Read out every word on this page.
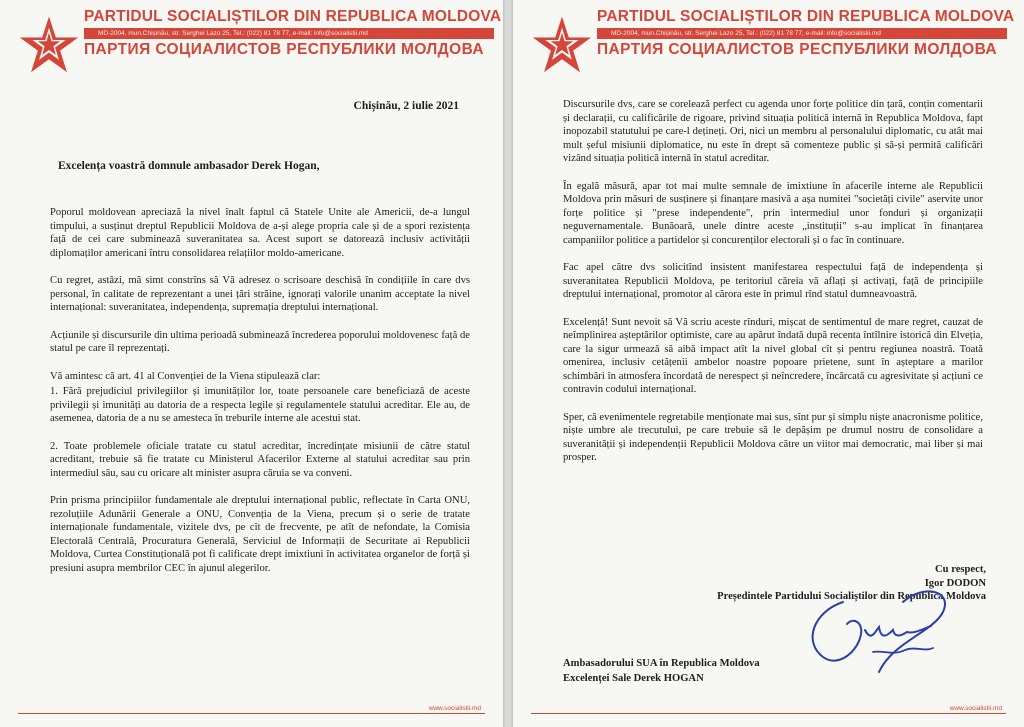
PARTIDUL SOCIALIȘTILOR DIN REPUBLICA MOLDOVA
MD-2004, mun.Chișinău, str. Serghei Lazo 25, Tel.: (022) 81 78 77, e-mail: info@socialistii.md
ПАРТИЯ СОЦИАЛИСТОВ РЕСПУБЛИКИ МОЛДОВА
Chișinău, 2 iulie 2021
Excelența voastră domnule ambasador Derek Hogan,

Poporul moldovean apreciază la nivel înalt faptul că Statele Unite ale Americii, de-a lungul timpului, a susținut dreptul Republicii Moldova de a-și alege propria cale și de a spori rezistența față de cei care subminează suveranitatea sa. Acest suport se datorează inclusiv activității diplomaților americani întru consolidarea relațiilor moldo-americane.

Cu regret, astăzi, mă simt constrîns să Vă adresez o scrisoare deschisă în condițiile în care dvs personal, în calitate de reprezentant a unei țări străine, ignorați valorile unanim acceptate la nivel internațional: suveranitatea, independența, supremația dreptului internațional.

Acțiunile și discursurile din ultima perioadă subminează încrederea poporului moldovenesc față de statul pe care îl reprezentați.

Vă amintesc că art. 41 al Convenției de la Viena stipulează clar:

1. Fără prejudiciul privilegiilor și imunităților lor, toate persoanele care beneficiază de aceste privilegii și imunități au datoria de a respecta legile și regulamentele statului acreditar. Ele au, de asemenea, datoria de a nu se amesteca în treburile interne ale acestui stat.

2. Toate problemele oficiale tratate cu statul acreditar, încredințate misiunii de către statul acreditant, trebuie să fie tratate cu Ministerul Afacerilor Externe al statului acreditar sau prin intermediul său, sau cu oricare alt minister asupra căruia se va conveni.

Prin prisma principiilor fundamentale ale dreptului internațional public, reflectate în Carta ONU, rezoluțiile Adunării Generale a ONU, Convenția de la Viena, precum și o serie de tratate internaționale fundamentale, vizitele dvs, pe cît de frecvente, pe atît de nefondate, la Comisia Electorală Centrală, Procuratura Generală, Serviciul de Informații de Securitate ai Republicii Moldova, Curtea Constituțională pot fi calificate drept imixtiuni în activitatea organelor de forță și presiuni asupra membrilor CEC în ajunul alegerilor.

www.socialistii.md
PARTIDUL SOCIALIȘTILOR DIN REPUBLICA MOLDOVA
MD-2004, mun.Chișinău, str. Serghei Lazo 25, Tel.: (022) 81 78 77, e-mail: info@socialistii.md
ПАРТИЯ СОЦИАЛИСТОВ РЕСПУБЛИКИ МОЛДОВА

Discursurile dvs, care se corelează perfect cu agenda unor forțe politice din țară, conțin comentarii și declarații, cu calificările de rigoare, privind situația politică internă în Republica Moldova, fapt inopozabil statutului pe care-l dețineți. Ori, nici un membru al personalului diplomatic, cu atât mai mult șeful misiunii diplomatice, nu este în drept să comenteze public și să-și permită calificări vizând situația politică internă în statul acreditar.

În egală măsură, apar tot mai multe semnale de imixtiune în afacerile interne ale Republicii Moldova prin măsuri de susținere și finanțare masivă a așa numitei "societăți civile" aservite unor forțe politice și "prese independente", prin intermediul unor fonduri și organizații neguvernamentale. Bunăoară, unele dintre aceste „instituții" s-au implicat în finanțarea campaniilor politice a partidelor și concurenților electorali și o fac în continuare.

Fac apel către dvs solicitînd insistent manifestarea respectului față de independența și suveranitatea Republicii Moldova, pe teritoriul căreia vă aflați și activați, față de principiile dreptului internațional, promotor al cărora este în primul rînd statul dumneavoastră.

Excelență! Sunt nevoit să Vă scriu aceste rînduri, mișcat de sentimentul de mare regret, cauzat de neîmplinirea așteptărilor optimiste, care au apărut îndată după recenta întîlnire istorică din Elveția, care la sigur urmează să aibă impact atît la nivel global cît și pentru regiunea noastră. Toată omenirea, inclusiv cetățenii ambelor noastre popoare prietene, sunt în așteptare a marilor schimbări în atmosfera încordată de nerespect și neîncredere, încărcată cu agresivitate și acțiuni ce contravin codului internațional.

Sper, că evenimentele regretabile menționate mai sus, sînt pur și simplu niște anacronisme politice, niște umbre ale trecutului, pe care trebuie să le depășim pe drumul nostru de consolidare a suveranității și independenții Republicii Moldova către un viitor mai democratic, mai liber și mai prosper.

Cu respect,
Igor DODON
Președintele Partidului Socialiștilor din Republica Moldova
Ambasadorului SUA în Republica Moldova
Excelenței Sale Derek HOGAN
www.socialistii.md
